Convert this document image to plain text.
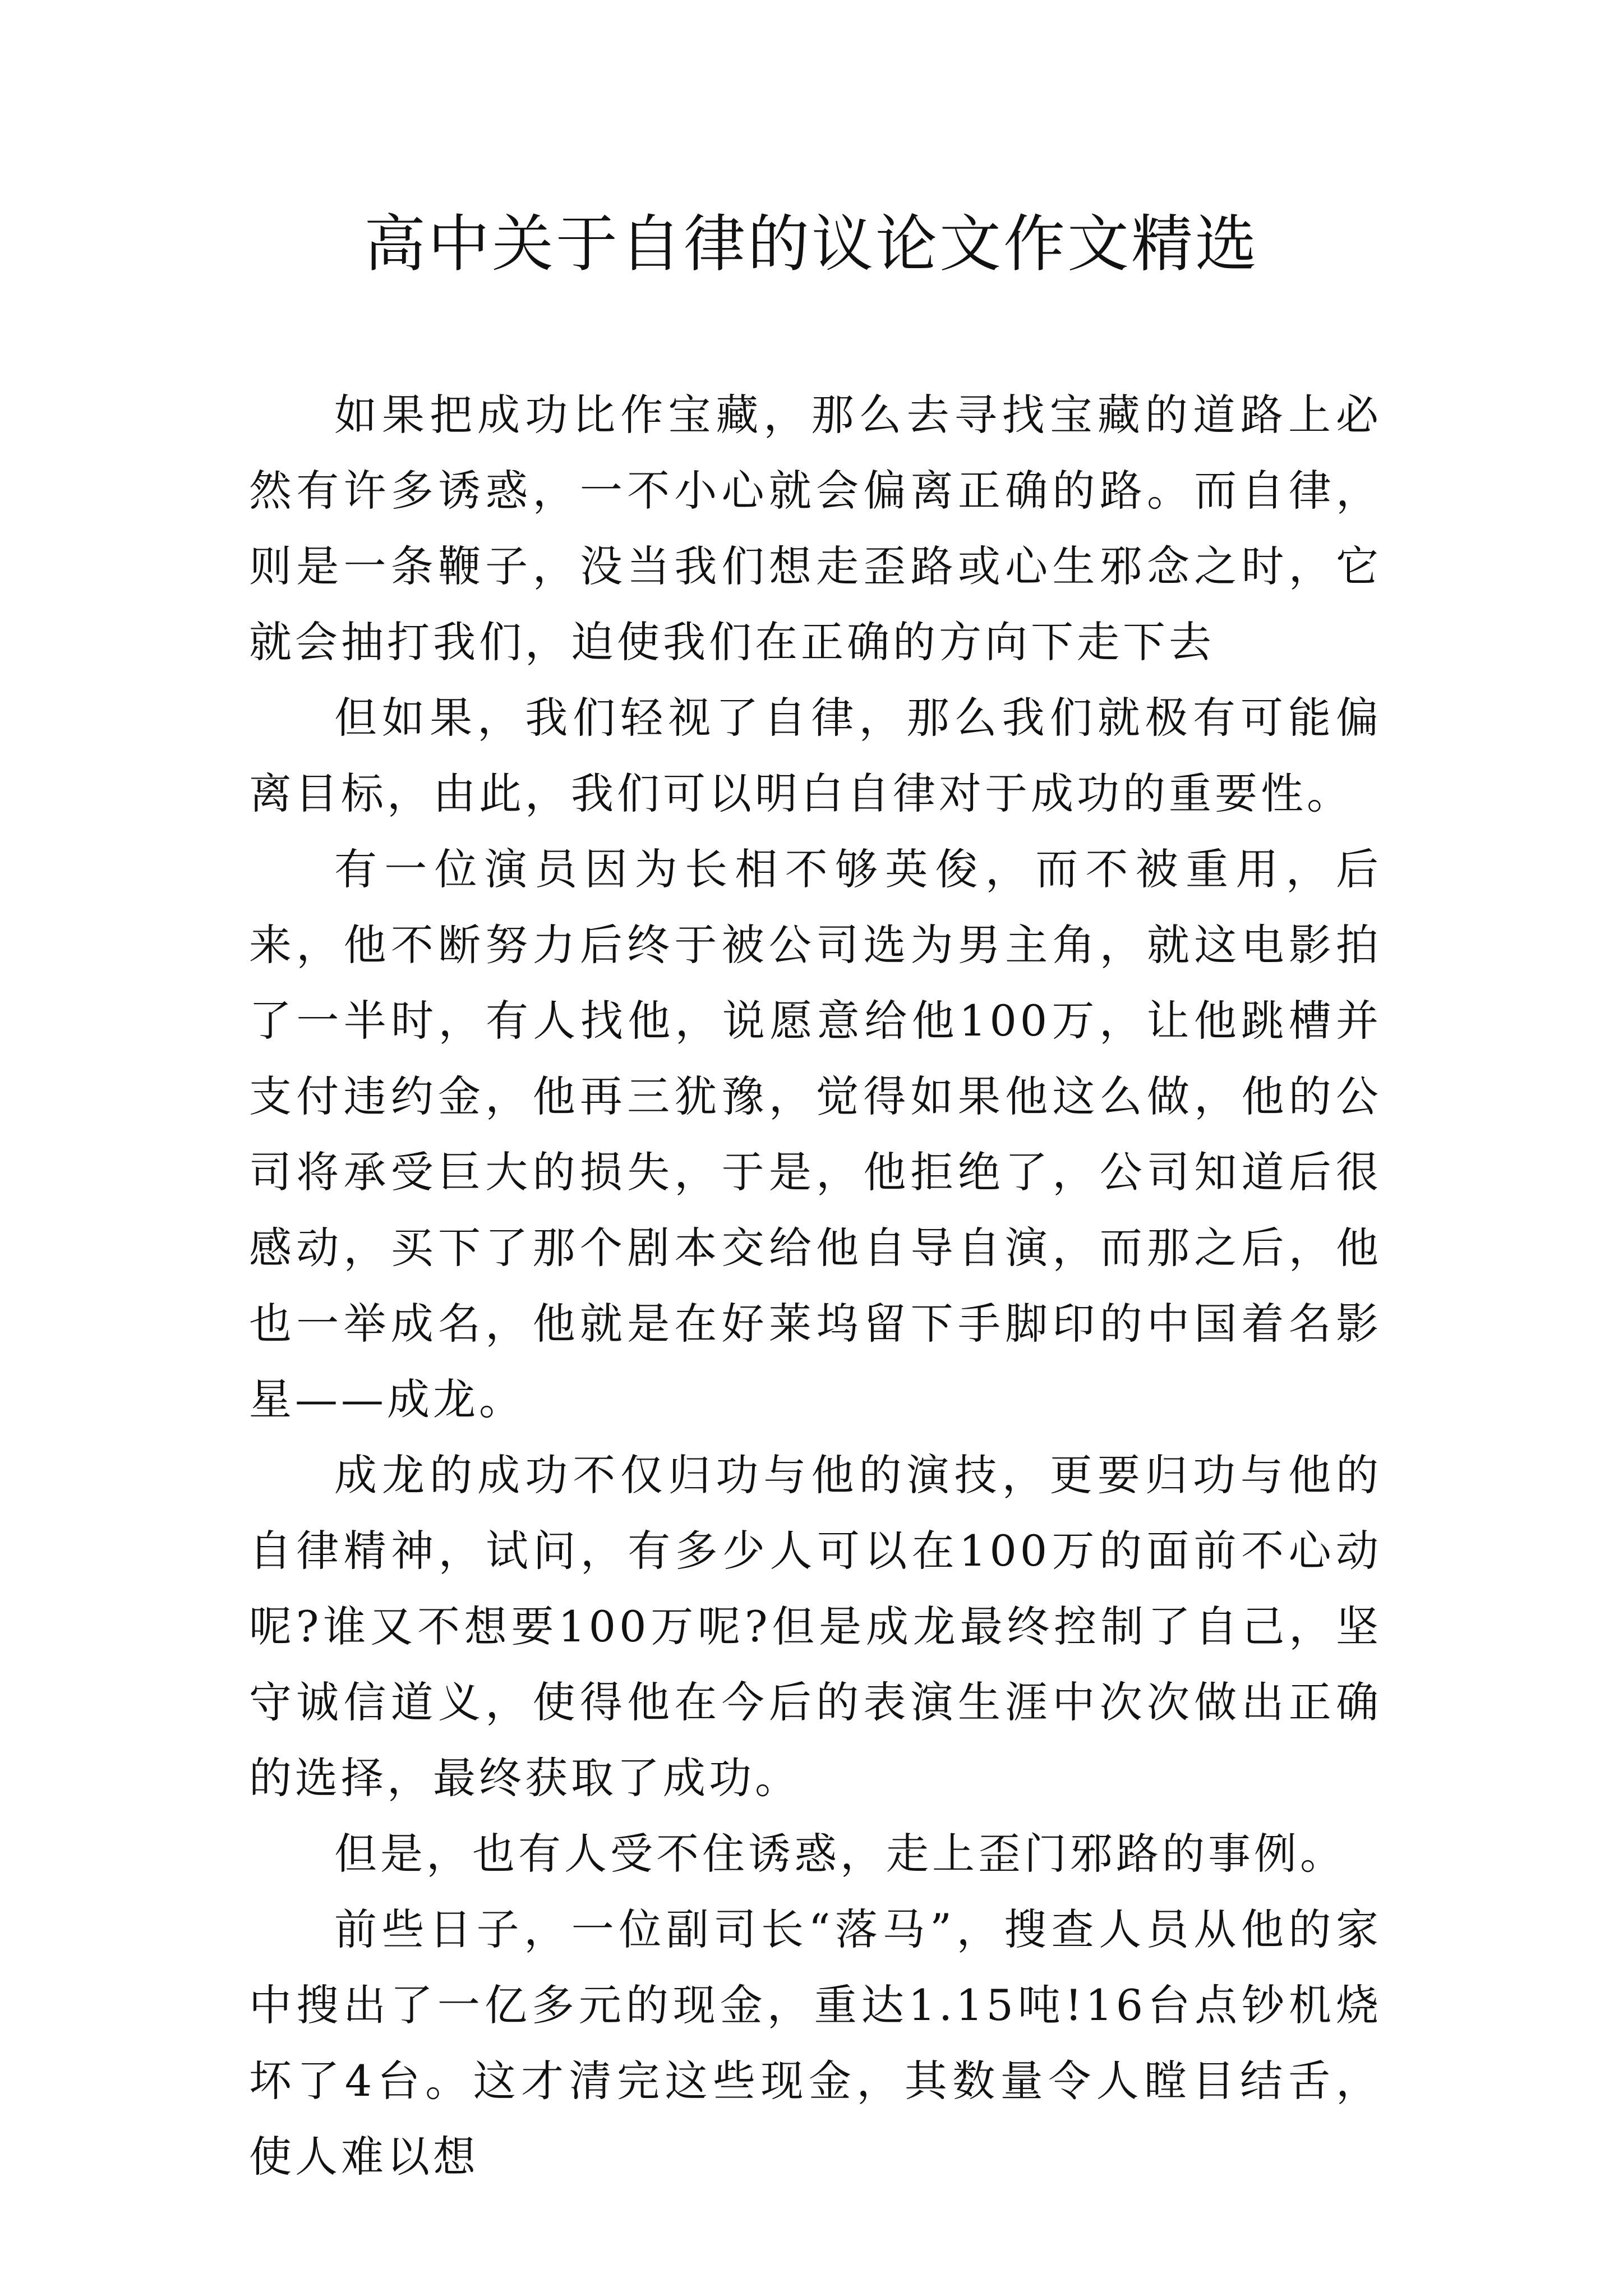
高中关于自律的议论文作文精选

如果把成功比作宝藏，那么去寻找宝藏的道路上必然有许多诱惑，一不小心就会偏离正确的路。而自律，则是一条鞭子，没当我们想走歪路或心生邪念之时，它就会抽打我们，迫使我们在正确的方向下走下去

但如果，我们轻视了自律，那么我们就极有可能偏离目标，由此，我们可以明白自律对于成功的重要性。

有一位演员因为长相不够英俊，而不被重用，后来，他不断努力后终于被公司选为男主角，就这电影拍了一半时，有人找他，说愿意给他100万，让他跳槽并支付违约金，他再三犹豫，觉得如果他这么做，他的公司将承受巨大的损失，于是，他拒绝了，公司知道后很感动，买下了那个剧本交给他自导自演，而那之后，他也一举成名，他就是在好莱坞留下手脚印的中国着名影星——成龙。

成龙的成功不仅归功与他的演技，更要归功与他的自律精神，试问，有多少人可以在100万的面前不心动呢?谁又不想要100万呢?但是成龙最终控制了自己，坚守诚信道义，使得他在今后的表演生涯中次次做出正确的选择，最终获取了成功。

但是，也有人受不住诱惑，走上歪门邪路的事例。

前些日子，一位副司长“落马”，搜查人员从他的家中搜出了一亿多元的现金，重达1.15吨!16台点钞机烧坏了4台。这才清完这些现金，其数量令人瞠目结舌，使人难以想
